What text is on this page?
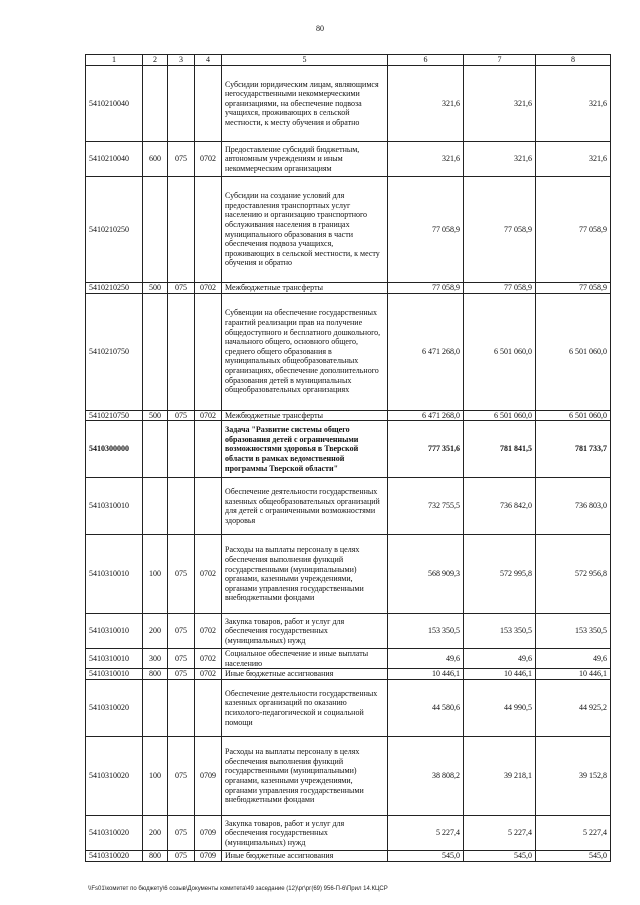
80
1	2	3	4	5	6	7	8
5410210040				Субсидии юридическим лицам, являющимся негосударственными некоммерческими организациями, на обеспечение подвоза учащихся, проживающих в сельской местности, к месту обучения и обратно	321,6	321,6	321,6
5410210040	600	075	0702	Предоставление субсидий бюджетным, автономным учреждениям и иным некоммерческим организациям	321,6	321,6	321,6
5410210250				Субсидии на создание условий для предоставления транспортных услуг населению и организацию транспортного обслуживания населения в границах муниципального образования в части обеспечения подвоза учащихся, проживающих в сельской местности, к месту обучения и обратно	77 058,9	77 058,9	77 058,9
5410210250	500	075	0702	Межбюджетные трансферты	77 058,9	77 058,9	77 058,9
5410210750				Субвенции на обеспечение государственных гарантий реализации прав на получение общедоступного и бесплатного дошкольного, начального общего, основного общего, среднего общего образования в муниципальных общеобразовательных организациях, обеспечение дополнительного образования детей в муниципальных общеобразовательных организациях	6 471 268,0	6 501 060,0	6 501 060,0
5410210750	500	075	0702	Межбюджетные трансферты	6 471 268,0	6 501 060,0	6 501 060,0
5410300000				Задача "Развитие системы общего образования детей с ограниченными возможностями здоровья в Тверской области в рамках ведомственной программы Тверской области"	777 351,6	781 841,5	781 733,7
5410310010				Обеспечение деятельности государственных казенных общеобразовательных организаций для детей с ограниченными возможностями здоровья	732 755,5	736 842,0	736 803,0
5410310010	100	075	0702	Расходы на выплаты персоналу в целях обеспечения выполнения функций государственными (муниципальными) органами, казенными учреждениями, органами управления государственными внебюджетными фондами	568 909,3	572 995,8	572 956,8
5410310010	200	075	0702	Закупка товаров, работ и услуг для обеспечения государственных (муниципальных) нужд	153 350,5	153 350,5	153 350,5
5410310010	300	075	0702	Социальное обеспечение и иные выплаты населению	49,6	49,6	49,6
5410310010	800	075	0702	Иные бюджетные ассигнования	10 446,1	10 446,1	10 446,1
5410310020				Обеспечение деятельности государственных казенных организаций по оказанию психолого-педагогической и социальной помощи	44 580,6	44 990,5	44 925,2
5410310020	100	075	0709	Расходы на выплаты персоналу в целях обеспечения выполнения функций государственными (муниципальными) органами, казенными учреждениями, органами управления государственными внебюджетными фондами	38 808,2	39 218,1	39 152,8
5410310020	200	075	0709	Закупка товаров, работ и услуг для обеспечения государственных (муниципальных) нужд	5 227,4	5 227,4	5 227,4
5410310020	800	075	0709	Иные бюджетные ассигнования	545,0	545,0	545,0
\\Fs01\комитет по бюджету\6 созыв\Документы комитета\49 заседание (12)\рг\рг(69) 956-П-6\Прил 14.КЦСР
